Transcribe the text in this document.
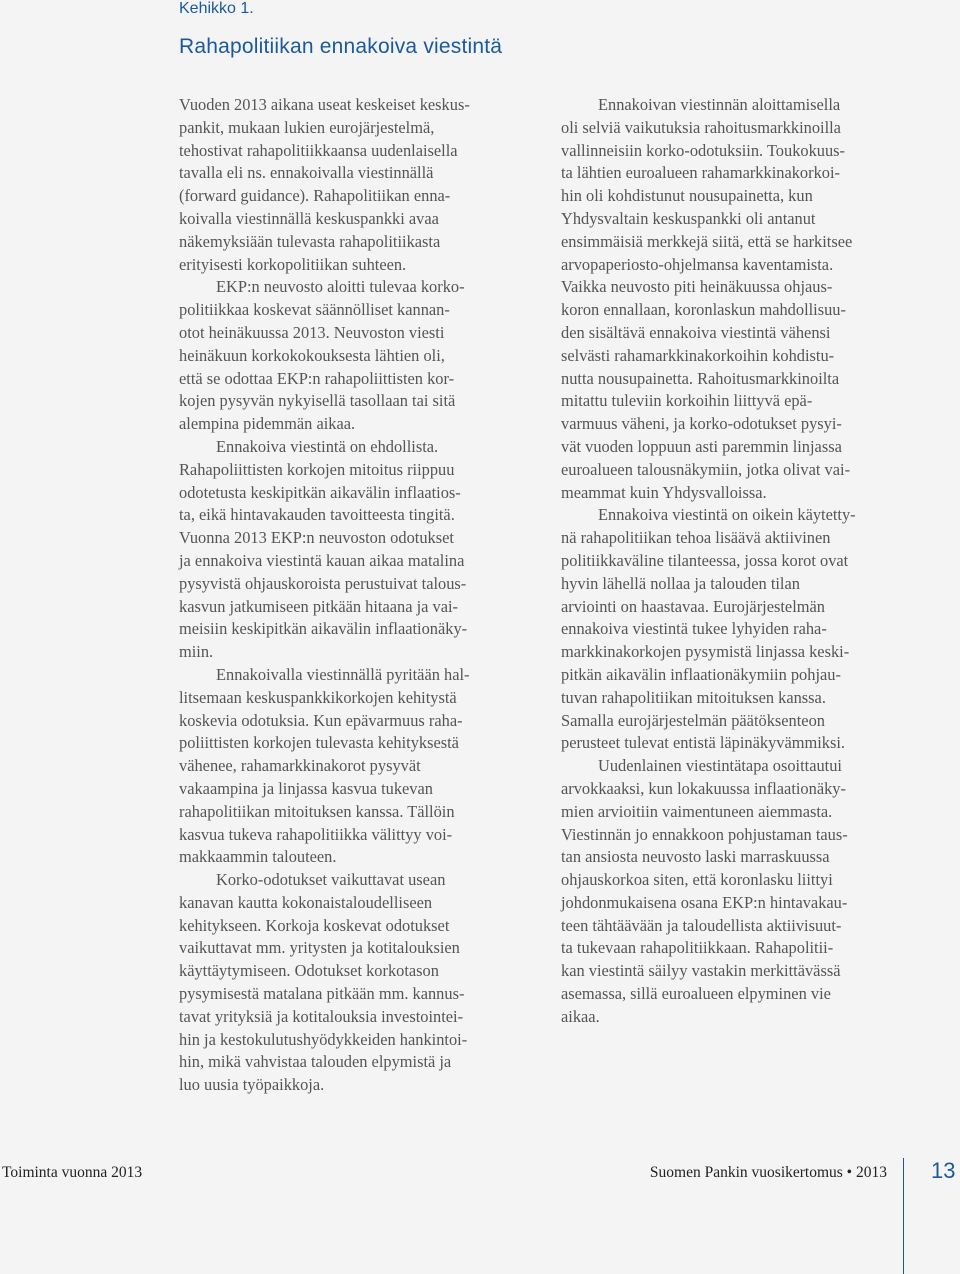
Kehikko 1.
Rahapolitiikan ennakoiva viestintä
Vuoden 2013 aikana useat keskeiset keskus-
pankit, mukaan lukien eurojärjestelmä,
tehostivat rahapolitiikkaansa uudenlaisella
tavalla eli ns. ennakoivalla viestinnällä
(forward guidance). Rahapolitiikan enna-
koivalla viestinnällä keskuspankki avaa
näkemyksiään tulevasta rahapolitiikasta
erityisesti korkopolitiikan suhteen.
EKP:n neuvosto aloitti tulevaa korko-
politiikkaa koskevat säännölliset kannan-
otot heinäkuussa 2013. Neuvoston viesti
heinäkuun korkokokouksesta lähtien oli,
että se odottaa EKP:n rahapoliittisten kor-
kojen pysyvän nykyisellä tasollaan tai sitä
alempina pidemmän aikaa.
Ennakoiva viestintä on ehdollista.
Rahapoliittisten korkojen mitoitus riippuu
odotetusta keskipitkän aikavälin inflaatios-
ta, eikä hintavakauden tavoitteesta tingitä.
Vuonna 2013 EKP:n neuvoston odotukset
ja ennakoiva viestintä kauan aikaa matalina
pysyvistä ohjauskoroista perustuivat talous-
kasvun jatkumiseen pitkään hitaana ja vai-
meisiin keskipitkän aikavälin inflaationäky-
miin.
Ennakoivalla viestinnällä pyritään hal-
litsemaan keskuspankkikorkojen kehitystä
koskevia odotuksia. Kun epävarmuus raha-
poliittisten korkojen tulevasta kehityksestä
vähenee, rahamarkkinakorot pysyvät
vakaampina ja linjassa kasvua tukevan
rahapolitiikan mitoituksen kanssa. Tällöin
kasvua tukeva rahapolitiikka välittyy voi-
makkaammin talouteen.
Korko-odotukset vaikuttavat usean
kanavan kautta kokonaistaloudelliseen
kehitykseen. Korkoja koskevat odotukset
vaikuttavat mm. yritysten ja kotitalouksien
käyttäytymiseen. Odotukset korkotason
pysymisestä matalana pitkään mm. kannus-
tavat yrityksiä ja kotitalouksia investointei-
hin ja kestokulutushyödykkeiden hankintoi-
hin, mikä vahvistaa talouden elpymistä ja
luo uusia työpaikkoja.
Ennakoivan viestinnän aloittamisella
oli selviä vaikutuksia rahoitusmarkkinoilla
vallinneisiin korko-odotuksiin. Toukokuus-
ta lähtien euroalueen rahamarkkinakorkoi-
hin oli kohdistunut nousupainetta, kun
Yhdysvaltain keskuspankki oli antanut
ensimmäisiä merkkejä siitä, että se harkitsee
arvopaperiosto-ohjelmansa kaventamista.
Vaikka neuvosto piti heinäkuussa ohjaus-
koron ennallaan, koronlaskun mahdollisuu-
den sisältävä ennakoiva viestintä vähensi
selvästi rahamarkkinakorkoihin kohdistu-
nutta nousupainetta. Rahoitusmarkkinoilta
mitattu tuleviin korkoihin liittyvä epä-
varmuus väheni, ja korko-odotukset pysyi-
vät vuoden loppuun asti paremmin linjassa
euroalueen talousnäkymiin, jotka olivat vai-
meammat kuin Yhdysvalloissa.
Ennakoiva viestintä on oikein käytetty-
nä rahapolitiikan tehoa lisäävä aktiivinen
politiikkaväline tilanteessa, jossa korot ovat
hyvin lähellä nollaa ja talouden tilan
arviointi on haastavaa. Eurojärjestelmän
ennakoiva viestintä tukee lyhyiden raha-
markkinakorkojen pysymistä linjassa keski-
pitkän aikavälin inflaationäkymiin pohjau-
tuvan rahapolitiikan mitoituksen kanssa.
Samalla eurojärjestelmän päätöksenteon
perusteet tulevat entistä läpinäkyvämmiksi.
Uudenlainen viestintätapa osoittautui
arvokkaaksi, kun lokakuussa inflaationäky-
mien arvioitiin vaimentuneen aiemmasta.
Viestinnän jo ennakkoon pohjustaman taus-
tan ansiosta neuvosto laski marraskuussa
ohjauskorkoa siten, että koronlasku liittyi
johdonmukaisena osana EKP:n hintavakau-
teen tähtäävään ja taloudellista aktiivisuut-
ta tukevaan rahapolitiikkaan. Rahapolitii-
kan viestintä säilyy vastakin merkittävässä
asemassa, sillä euroalueen elpyminen vie
aikaa.
Toiminta vuonna 2013	Suomen Pankin vuosikertomus • 2013 13
